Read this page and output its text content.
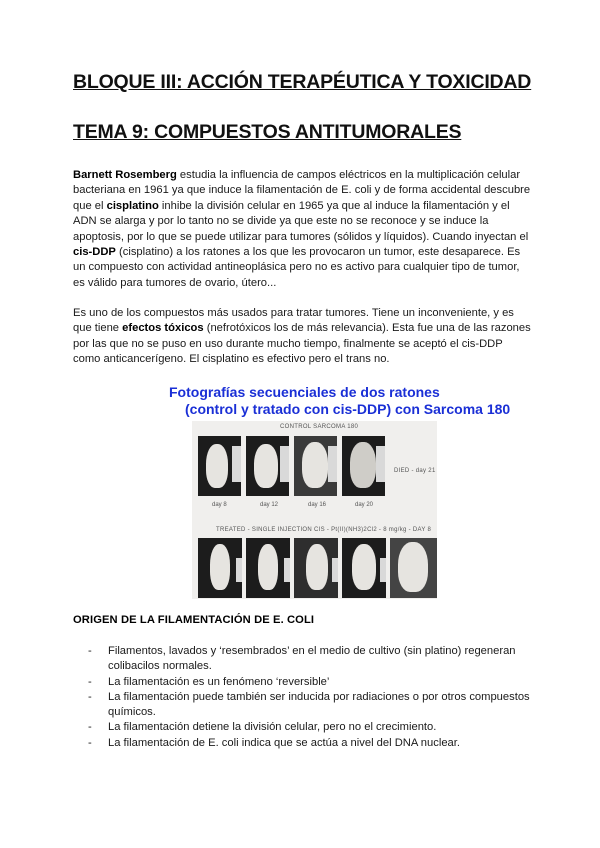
BLOQUE III: ACCIÓN TERAPÉUTICA Y TOXICIDAD
TEMA 9: COMPUESTOS ANTITUMORALES
Barnett Rosemberg estudia la influencia de campos eléctricos en la multiplicación celular
bacteriana en 1961 ya que induce la filamentación de E. coli y de forma accidental descubre
que el cisplatino inhibe la división celular en 1965 ya que al induce la filamentación y el
ADN se alarga y por lo tanto no se divide ya que este no se reconoce y se induce la
apoptosis, por lo que se puede utilizar para tumores (sólidos y líquidos). Cuando inyectan el
cis-DDP (cisplatino) a los ratones a los que les provocaron un tumor, este desaparece. Es
un compuesto con actividad antineoplásica pero no es activo para cualquier tipo de tumor,
es válido para tumores de ovario, útero...
Es uno de los compuestos más usados para tratar tumores. Tiene un inconveniente, y es
que tiene efectos tóxicos (nefrotóxicos los de más relevancia). Esta fue una de las razones
por las que no se puso en uso durante mucho tiempo, finalmente se aceptó el cis-DDP
como anticancerígeno. El cisplatino es efectivo pero el trans no.
Fotografías secuenciales de dos ratones
(control y tratado con cis-DDP) con Sarcoma 180
CONTROL SARCOMA 180
DIED - day 21
day 8	day 12	day 16	day 20
TREATED - SINGLE INJECTION CIS - Pt(II)(NH3)2Cl2 - 8 mg/kg - DAY 8
ORIGEN DE LA FILAMENTACIÓN DE E. COLI
- Filamentos, lavados y ‘resembrados’ en el medio de cultivo (sin platino) regeneran
colibacilos normales.
- La filamentación es un fenómeno ‘reversible’
- La filamentación puede también ser inducida por radiaciones o por otros compuestos
químicos.
- La filamentación detiene la división celular, pero no el crecimiento.
- La filamentación de E. coli indica que se actúa a nivel del DNA nuclear.
